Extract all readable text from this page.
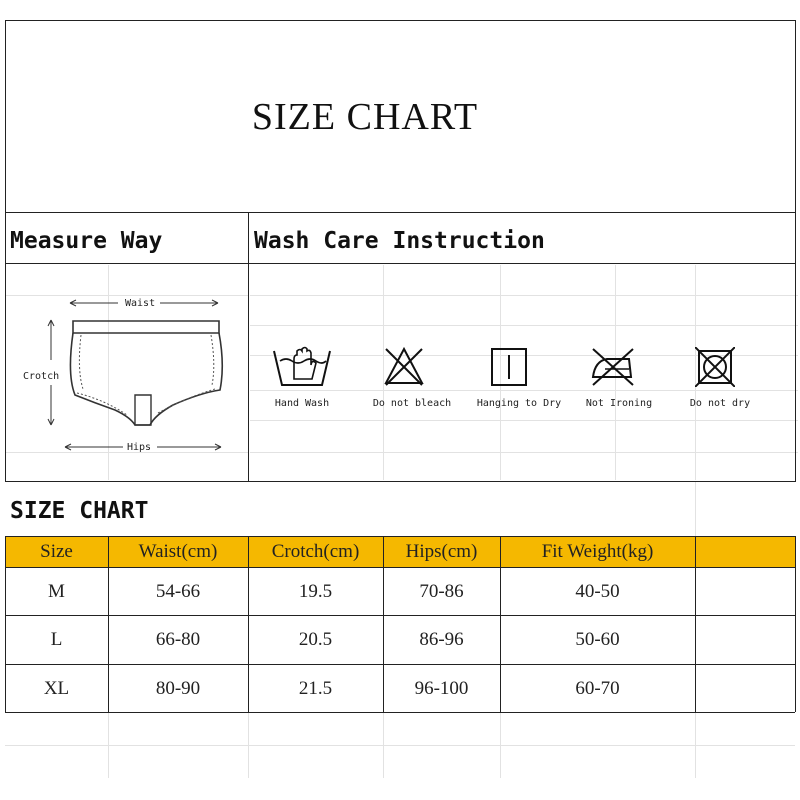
SIZE CHART
Measure Way	Wash Care Instruction
Waist
Crotch
Hips
Hand Wash	Do not bleach	Hanging to Dry	Not Ironing	Do not dry
SIZE CHART
Size	Waist(cm)	Crotch(cm)	Hips(cm)	Fit Weight(kg)
M	54-66	19.5	70-86	40-50
L	66-80	20.5	86-96	50-60
XL	80-90	21.5	96-100	60-70
